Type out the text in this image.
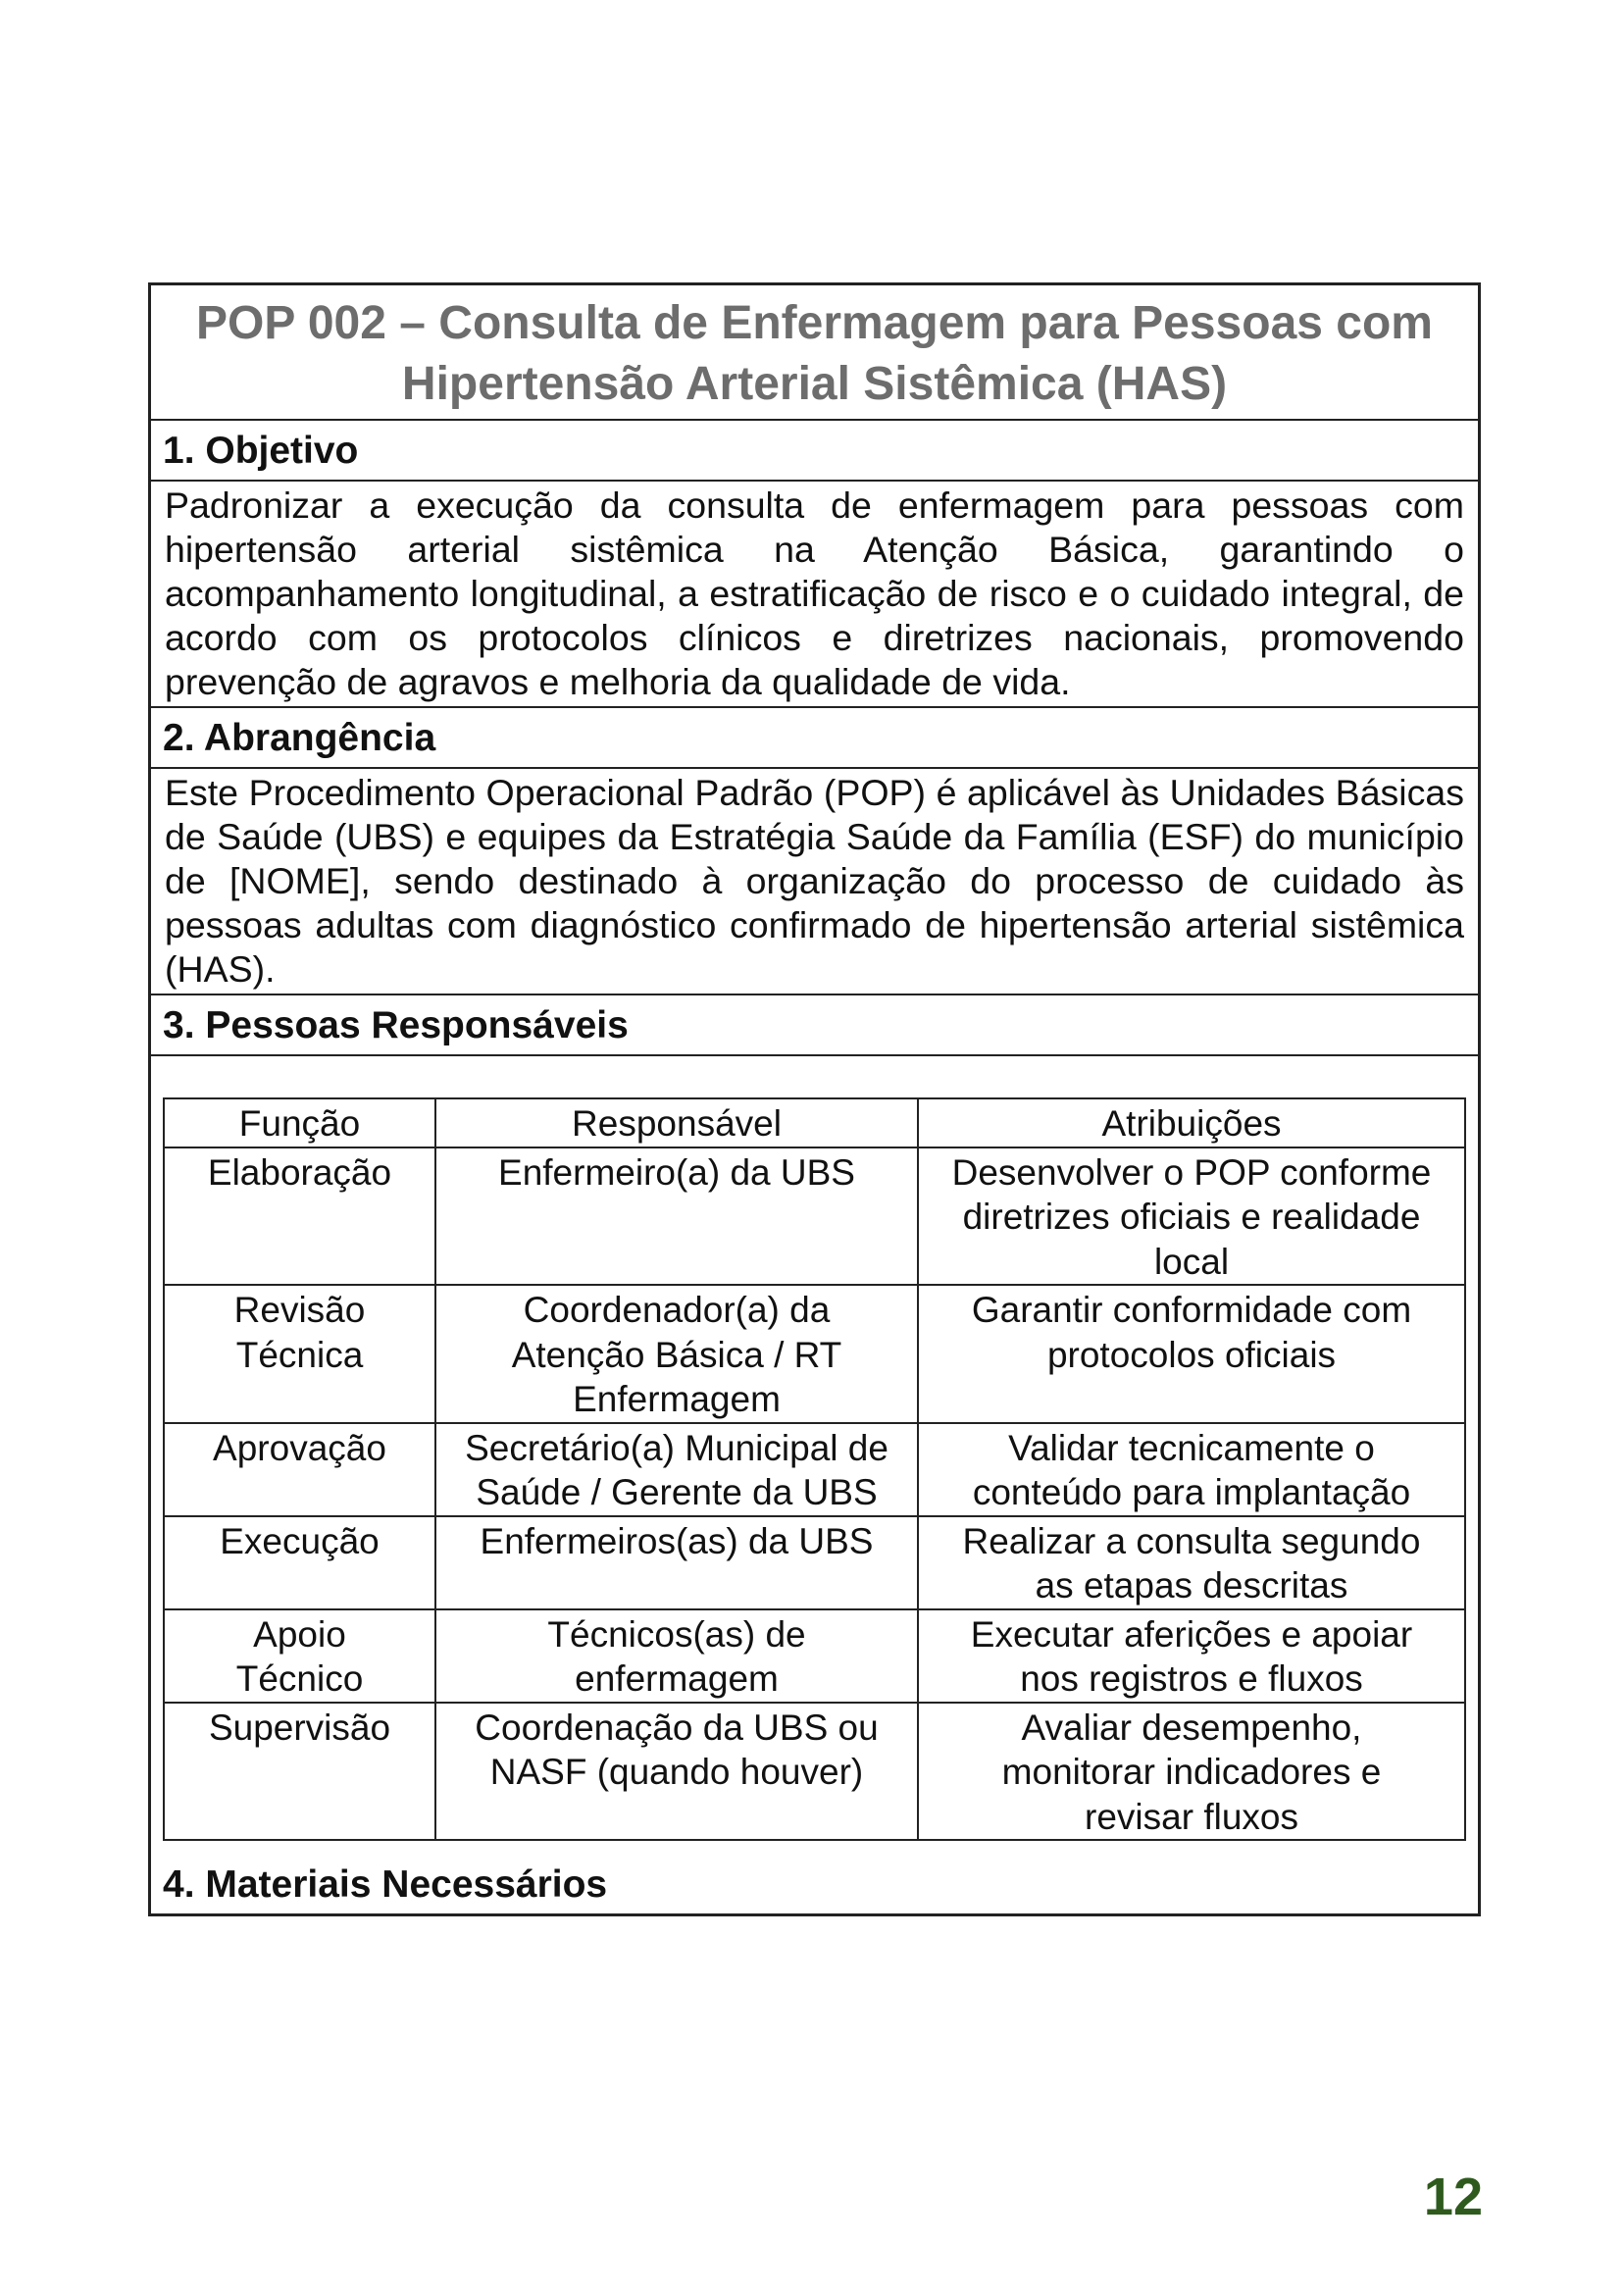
POP 002 – Consulta de Enfermagem para Pessoas com
Hipertensão Arterial Sistêmica (HAS)
1. Objetivo
Padronizar a execução da consulta de enfermagem para pessoas com hipertensão arterial sistêmica na Atenção Básica, garantindo o acompanhamento longitudinal, a estratificação de risco e o cuidado integral, de acordo com os protocolos clínicos e diretrizes nacionais, promovendo prevenção de agravos e melhoria da qualidade de vida.
2. Abrangência
Este Procedimento Operacional Padrão (POP) é aplicável às Unidades Básicas de Saúde (UBS) e equipes da Estratégia Saúde da Família (ESF) do município de [NOME], sendo destinado à organização do processo de cuidado às pessoas adultas com diagnóstico confirmado de hipertensão arterial sistêmica (HAS).
3. Pessoas Responsáveis
Função	Responsável	Atribuições
Elaboração	Enfermeiro(a) da UBS	Desenvolver o POP conforme diretrizes oficiais e realidade local
Revisão Técnica	Coordenador(a) da Atenção Básica / RT Enfermagem	Garantir conformidade com protocolos oficiais
Aprovação	Secretário(a) Municipal de Saúde / Gerente da UBS	Validar tecnicamente o conteúdo para implantação
Execução	Enfermeiros(as) da UBS	Realizar a consulta segundo as etapas descritas
Apoio Técnico	Técnicos(as) de enfermagem	Executar aferições e apoiar nos registros e fluxos
Supervisão	Coordenação da UBS ou NASF (quando houver)	Avaliar desempenho, monitorar indicadores e revisar fluxos
4. Materiais Necessários
12
